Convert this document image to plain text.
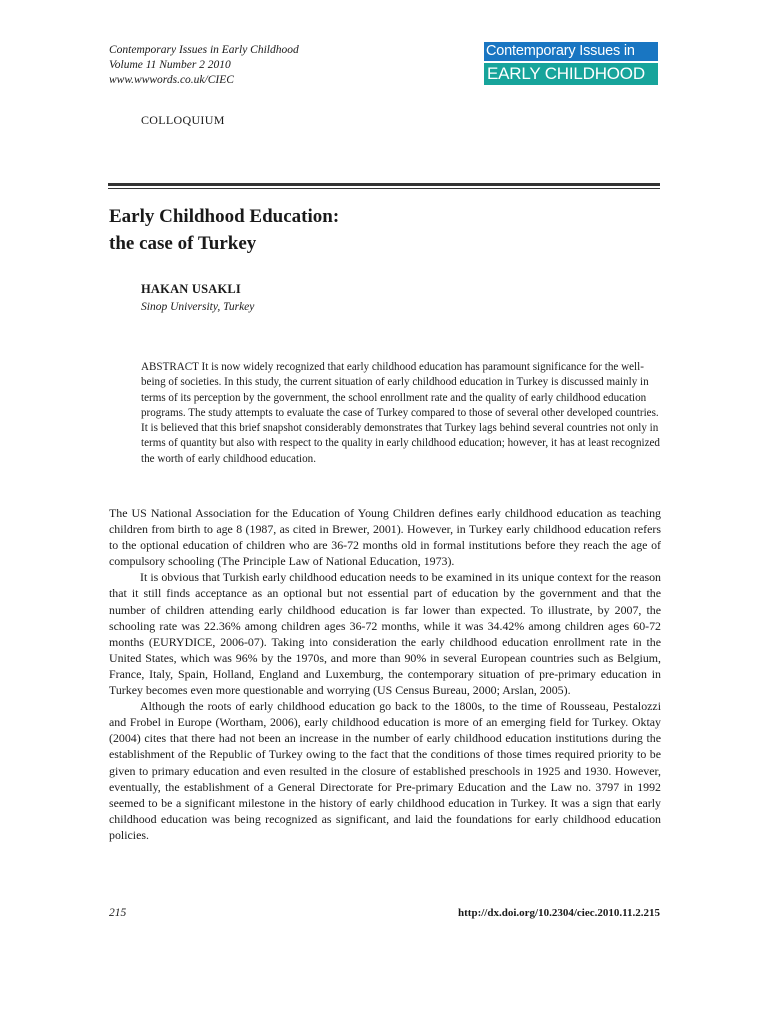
Contemporary Issues in Early Childhood
Volume 11 Number 2 2010
www.wwwords.co.uk/CIEC
Contemporary Issues in
EARLY CHILDHOOD
COLLOQUIUM
Early Childhood Education:
the case of Turkey
HAKAN USAKLI
Sinop University, Turkey

ABSTRACT It is now widely recognized that early childhood education has paramount significance for the well-being of societies. In this study, the current situation of early childhood education in Turkey is discussed mainly in terms of its perception by the government, the school enrollment rate and the quality of early childhood education programs. The study attempts to evaluate the case of Turkey compared to those of several other developed countries. It is believed that this brief snapshot considerably demonstrates that Turkey lags behind several countries not only in terms of quantity but also with respect to the quality in early childhood education; however, it has at least recognized the worth of early childhood education.

The US National Association for the Education of Young Children defines early childhood education as teaching children from birth to age 8 (1987, as cited in Brewer, 2001). However, in Turkey early childhood education refers to the optional education of children who are 36-72 months old in formal institutions before they reach the age of compulsory schooling (The Principle Law of National Education, 1973).

It is obvious that Turkish early childhood education needs to be examined in its unique context for the reason that it still finds acceptance as an optional but not essential part of education by the government and that the number of children attending early childhood education is far lower than expected. To illustrate, by 2007, the schooling rate was 22.36% among children ages 36-72 months, while it was 34.42% among children ages 60-72 months (EURYDICE, 2006-07). Taking into consideration the early childhood education enrollment rate in the United States, which was 96% by the 1970s, and more than 90% in several European countries such as Belgium, France, Italy, Spain, Holland, England and Luxemburg, the contemporary situation of pre-primary education in Turkey becomes even more questionable and worrying (US Census Bureau, 2000; Arslan, 2005).

Although the roots of early childhood education go back to the 1800s, to the time of Rousseau, Pestalozzi and Frobel in Europe (Wortham, 2006), early childhood education is more of an emerging field for Turkey. Oktay (2004) cites that there had not been an increase in the number of early childhood education institutions during the establishment of the Republic of Turkey owing to the fact that the conditions of those times required priority to be given to primary education and even resulted in the closure of established preschools in 1925 and 1930. However, eventually, the establishment of a General Directorate for Pre-primary Education and the Law no. 3797 in 1992 seemed to be a significant milestone in the history of early childhood education in Turkey. It was a sign that early childhood education was being recognized as significant, and laid the foundations for early childhood education policies.

215	http://dx.doi.org/10.2304/ciec.2010.11.2.215
